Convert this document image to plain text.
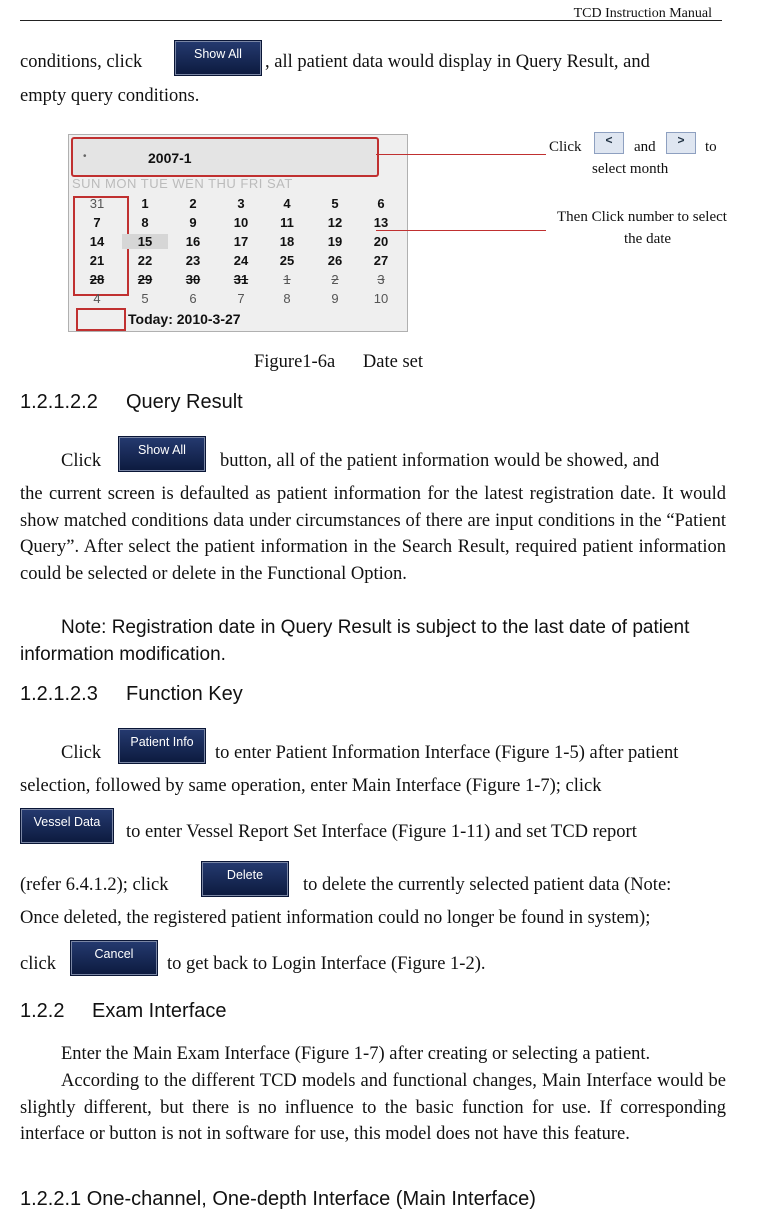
TCD Instruction Manual
conditions, click	Show All	, all patient data would display in Query Result, and
empty query conditions.
•	2007-1
SUN MON TUE WEN THU FRI SAT
31	1	2	3	4	5	6
7	8	9	10	11	12	13
14	15	16	17	18	19	20
21	22	23	24	25	26	27
28	29	30	31	1	2	3
4	5	6	7	8	9	10
Today: 2010-3-27
Click	<	and	>	to
select month
Then Click number to select
the date
Figure1-6a      Date set
1.2.1.2.2 Query Result
Click
Show All
button, all of the patient information would be showed, and
the current screen is defaulted as patient information for the latest registration date. It would show matched conditions data under circumstances of there are input conditions in the “Patient Query”. After select the patient information in the Search Result, required patient information could be selected or delete in the Functional Option.
Note: Registration date in Query Result is subject to the last date of patient information modification.
1.2.1.2.3 Function Key
Click
Patient Info
to enter Patient Information Interface (Figure 1-5) after patient
selection, followed by same operation, enter Main Interface (Figure 1-7); click
Vessel Data	to enter Vessel Report Set Interface (Figure 1-11) and set TCD report
(refer 6.4.1.2); click	Delete	to delete the currently selected patient data (Note:
Once deleted, the registered patient information could no longer be found in system);
click	Cancel	to get back to Login Interface (Figure 1-2).
1.2.2 Exam Interface
Enter the Main Exam Interface (Figure 1-7) after creating or selecting a patient.
According to the different TCD models and functional changes, Main Interface would be slightly different, but there is no influence to the basic function for use. If corresponding interface or button is not in software for use, this model does not have this feature.
1.2.2.1 One-channel, One-depth Interface (Main Interface)
